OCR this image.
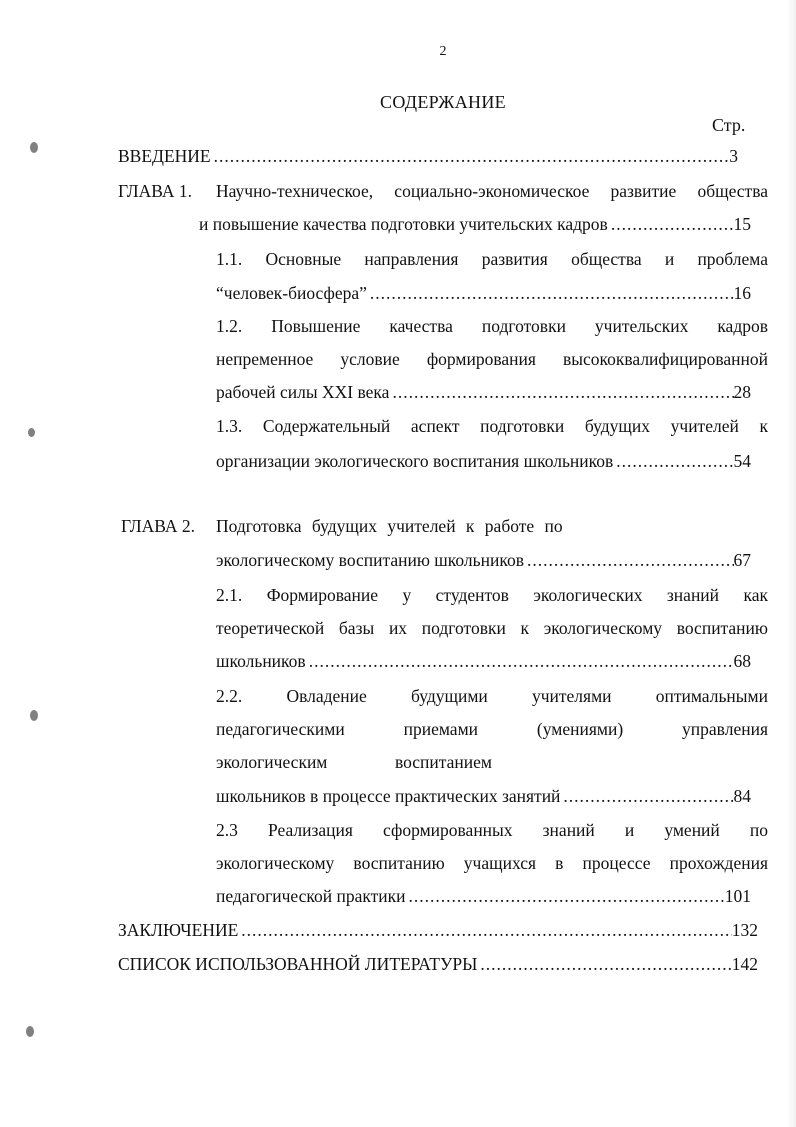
2
СОДЕРЖАНИЕ
Стр.
ВВЕДЕНИЕ .....	3
ГЛАВА 1. Научно-техническое, социально-экономическое развитие общества
и повышение качества подготовки учительских кадров .....	15
1.1. Основные направления развития общества и проблема
“человек-биосфера” .....	16
1.2. Повышение качества подготовки учительских кадров
непременное условие формирования высококвалифицированной
рабочей силы XXI века .....	28
1.3. Содержательный аспект подготовки будущих учителей к
организации экологического воспитания школьников .....	54
ГЛАВА 2. Подготовка будущих учителей к работе по
экологическому воспитанию школьников .....	67
2.1. Формирование у студентов экологических знаний как
теоретической базы их подготовки к экологическому воспитанию
школьников .....	68
2.2. Овладение будущими учителями оптимальными
педагогическими приемами (умениями) управления
экологическим воспитанием
школьников в процессе практических занятий .....	84
2.3 Реализация сформированных знаний и умений по
экологическому воспитанию учащихся в процессе прохождения
педагогической практики .....	101
ЗАКЛЮЧЕНИЕ .....	132
СПИСОК ИСПОЛЬЗОВАННОЙ ЛИТЕРАТУРЫ .....	142
